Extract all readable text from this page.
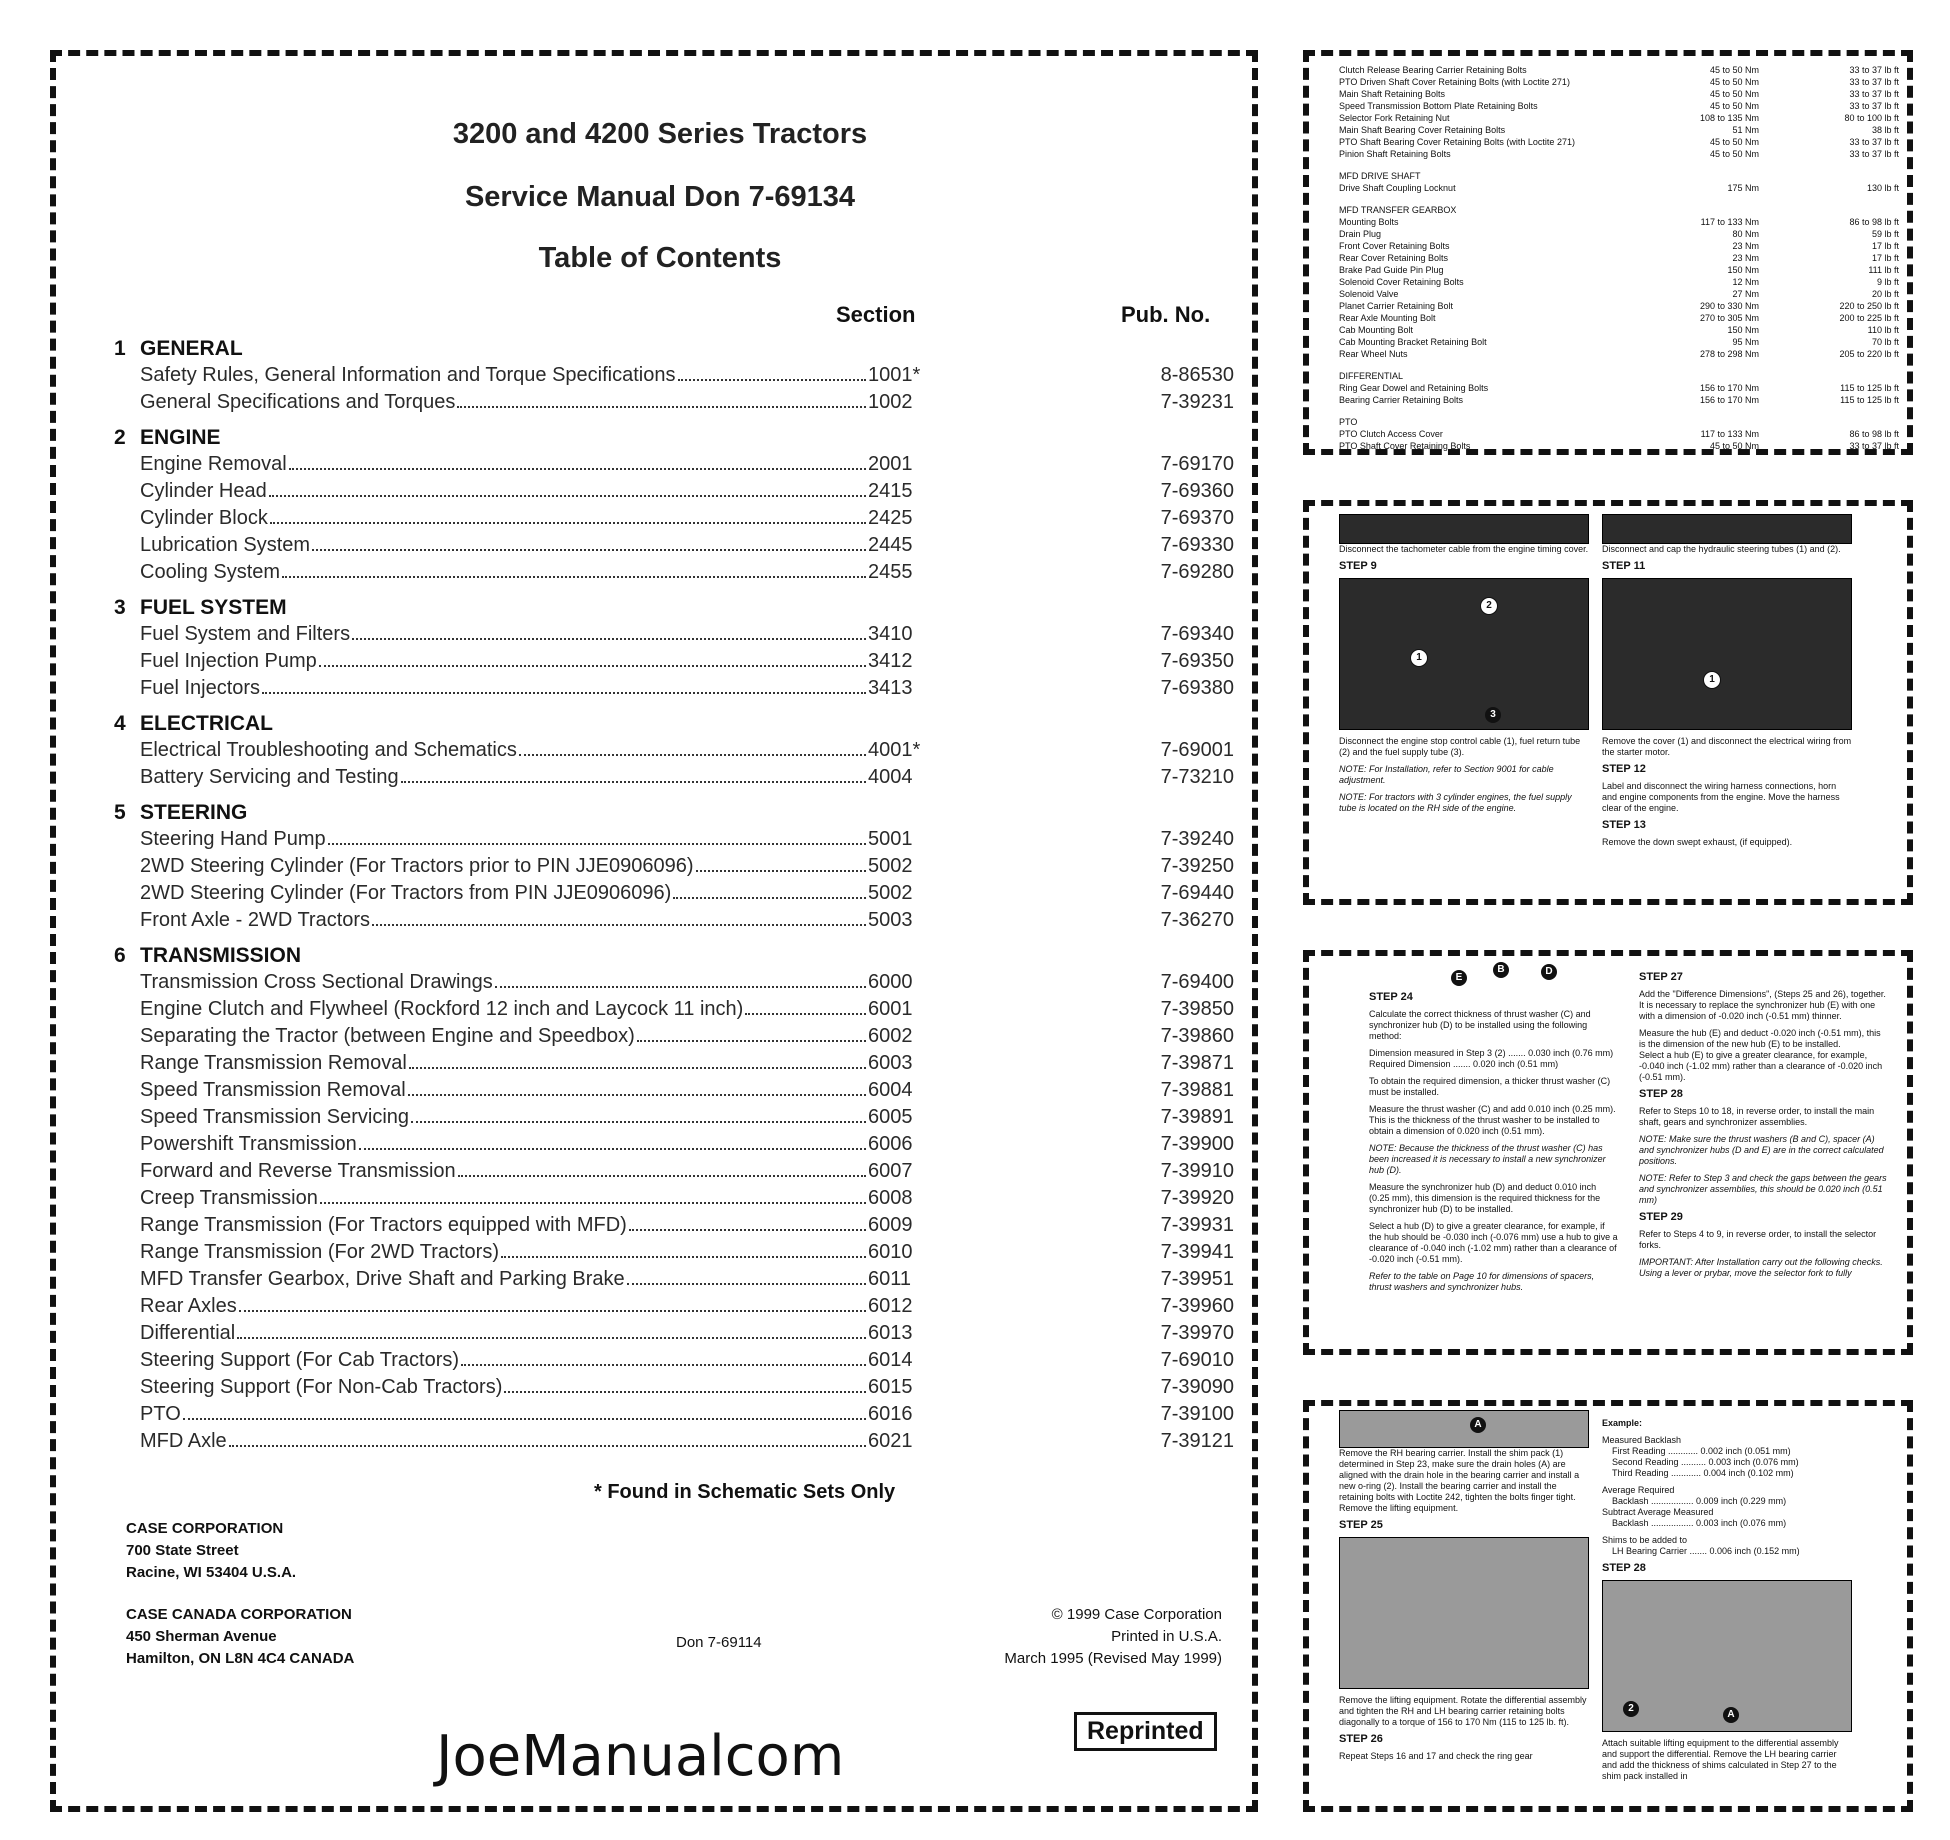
3200 and 4200 Series Tractors
Service Manual Don 7-69134
Table of Contents
Section	Pub. No.
1 GENERAL
Safety Rules, General Information and Torque Specifications	1001*	8-86530
General Specifications and Torques	1002	7-39231
2 ENGINE
Engine Removal	2001	7-69170
Cylinder Head	2415	7-69360
Cylinder Block	2425	7-69370
Lubrication System	2445	7-69330
Cooling System	2455	7-69280
3 FUEL SYSTEM
Fuel System and Filters	3410	7-69340
Fuel Injection Pump	3412	7-69350
Fuel Injectors	3413	7-69380
4 ELECTRICAL
Electrical Troubleshooting and Schematics	4001*	7-69001
Battery Servicing and Testing	4004	7-73210
5 STEERING
Steering Hand Pump	5001	7-39240
2WD Steering Cylinder (For Tractors prior to PIN JJE0906096)	5002	7-39250
2WD Steering Cylinder (For Tractors from PIN JJE0906096)	5002	7-69440
Front Axle - 2WD Tractors	5003	7-36270
6 TRANSMISSION
Transmission Cross Sectional Drawings	6000	7-69400
Engine Clutch and Flywheel (Rockford 12 inch and Laycock 11 inch)	6001	7-39850
Separating the Tractor (between Engine and Speedbox)	6002	7-39860
Range Transmission Removal	6003	7-39871
Speed Transmission Removal	6004	7-39881
Speed Transmission Servicing	6005	7-39891
Powershift Transmission	6006	7-39900
Forward and Reverse Transmission	6007	7-39910
Creep Transmission	6008	7-39920
Range Transmission (For Tractors equipped with MFD)	6009	7-39931
Range Transmission (For 2WD Tractors)	6010	7-39941
MFD Transfer Gearbox, Drive Shaft and Parking Brake	6011	7-39951
Rear Axles	6012	7-39960
Differential	6013	7-39970
Steering Support (For Cab Tractors)	6014	7-69010
Steering Support (For Non-Cab Tractors)	6015	7-39090
PTO	6016	7-39100
MFD Axle	6021	7-39121
* Found in Schematic Sets Only
CASE CORPORATION
700 State Street
Racine, WI 53404 U.S.A.
CASE CANADA CORPORATION
450 Sherman Avenue
Hamilton, ON L8N 4C4 CANADA
Don 7-69114
© 1999 Case Corporation
Printed in U.S.A.
March 1995 (Revised May 1999)
Reprinted
JoeManualcom
Clutch Release Bearing Carrier Retaining Bolts	45 to 50 Nm	33 to 37 lb ft
PTO Driven Shaft Cover Retaining Bolts (with Loctite 271)	45 to 50 Nm	33 to 37 lb ft
Main Shaft Retaining Bolts	45 to 50 Nm	33 to 37 lb ft
Speed Transmission Bottom Plate Retaining Bolts	45 to 50 Nm	33 to 37 lb ft
Selector Fork Retaining Nut	108 to 135 Nm	80 to 100 lb ft
Main Shaft Bearing Cover Retaining Bolts	51 Nm	38 lb ft
PTO Shaft Bearing Cover Retaining Bolts (with Loctite 271)	45 to 50 Nm	33 to 37 lb ft
Pinion Shaft Retaining Bolts	45 to 50 Nm	33 to 37 lb ft
MFD DRIVE SHAFT
Drive Shaft Coupling Locknut	175 Nm	130 lb ft
MFD TRANSFER GEARBOX
Mounting Bolts	117 to 133 Nm	86 to 98 lb ft
Drain Plug	80 Nm	59 lb ft
Front Cover Retaining Bolts	23 Nm	17 lb ft
Rear Cover Retaining Bolts	23 Nm	17 lb ft
Brake Pad Guide Pin Plug	150 Nm	111 lb ft
Solenoid Cover Retaining Bolts	12 Nm	9 lb ft
Solenoid Valve	27 Nm	20 lb ft
Planet Carrier Retaining Bolt	290 to 330 Nm	220 to 250 lb ft
Rear Axle Mounting Bolt	270 to 305 Nm	200 to 225 lb ft
Cab Mounting Bolt	150 Nm	110 lb ft
Cab Mounting Bracket Retaining Bolt	95 Nm	70 lb ft
Rear Wheel Nuts	278 to 298 Nm	205 to 220 lb ft
DIFFERENTIAL
Ring Gear Dowel and Retaining Bolts	156 to 170 Nm	115 to 125 lb ft
Bearing Carrier Retaining Bolts	156 to 170 Nm	115 to 125 lb ft
PTO
PTO Clutch Access Cover	117 to 133 Nm	86 to 98 lb ft
PTO Shaft Cover Retaining Bolts	45 to 50 Nm	33 to 37 lb ft

Disconnect the tachometer cable from the engine timing cover.

STEP 9

2
1
3

Disconnect the engine stop control cable (1), fuel return tube (2) and the fuel supply tube (3).

NOTE: For Installation, refer to Section 9001 for cable adjustment.

NOTE: For tractors with 3 cylinder engines, the fuel supply tube is located on the RH side of the engine.

Disconnect and cap the hydraulic steering tubes (1) and (2).

STEP 11

1

Remove the cover (1) and disconnect the electrical wiring from the starter motor.

STEP 12

Label and disconnect the wiring harness connections, horn and engine components from the engine. Move the harness clear of the engine.

STEP 13

Remove the down swept exhaust, (if equipped).

E
B	D

STEP 24

Calculate the correct thickness of thrust washer (C) and synchronizer hub (D) to be installed using the following method:

Dimension measured in Step 3 (2) ....... 0.030 inch (0.76 mm)

Required Dimension ....... 0.020 inch (0.51 mm)

To obtain the required dimension, a thicker thrust washer (C) must be installed.

Measure the thrust washer (C) and add 0.010 inch (0.25 mm). This is the thickness of the thrust washer to be installed to obtain a dimension of 0.020 inch (0.51 mm).

NOTE: Because the thickness of the thrust washer (C) has been increased it is necessary to install a new synchronizer hub (D).

Measure the synchronizer hub (D) and deduct 0.010 inch (0.25 mm), this dimension is the required thickness for the synchronizer hub (D) to be installed.

Select a hub (D) to give a greater clearance, for example, if the hub should be -0.030 inch (-0.076 mm) use a hub to give a clearance of -0.040 inch (-1.02 mm) rather than a clearance of -0.020 inch (-0.51 mm).

Refer to the table on Page 10 for dimensions of spacers, thrust washers and synchronizer hubs.

STEP 27

Add the "Difference Dimensions", (Steps 25 and 26), together.

It is necessary to replace the synchronizer hub (E) with one with a dimension of -0.020 inch (-0.51 mm) thinner.

Measure the hub (E) and deduct -0.020 inch (-0.51 mm), this is the dimension of the new hub (E) to be installed.

Select a hub (E) to give a greater clearance, for example, -0.040 inch (-1.02 mm) rather than a clearance of -0.020 inch (-0.51 mm).

STEP 28

Refer to Steps 10 to 18, in reverse order, to install the main shaft, gears and synchronizer assemblies.

NOTE: Make sure the thrust washers (B and C), spacer (A) and synchronizer hubs (D and E) are in the correct calculated positions.

NOTE: Refer to Step 3 and check the gaps between the gears and synchronizer assemblies, this should be 0.020 inch (0.51 mm)

STEP 29

Refer to Steps 4 to 9, in reverse order, to install the selector forks.

IMPORTANT: After Installation carry out the following checks.

Using a lever or prybar, move the selector fork to fully

A

Remove the RH bearing carrier. Install the shim pack (1) determined in Step 23, make sure the drain holes (A) are aligned with the drain hole in the bearing carrier and install a new o-ring (2). Install the bearing carrier and install the retaining bolts with Loctite 242, tighten the bolts finger tight. Remove the lifting equipment.

STEP 25

Remove the lifting equipment. Rotate the differential assembly and tighten the RH and LH bearing carrier retaining bolts diagonally to a torque of 156 to 170 Nm (115 to 125 lb. ft).

STEP 26

Repeat Steps 16 and 17 and check the ring gear

Example:

Measured Backlash

First Reading ............ 0.002 inch (0.051 mm)

Second Reading .......... 0.003 inch (0.076 mm)

Third Reading ............ 0.004 inch (0.102 mm)

Average Required

Backlash ................. 0.009 inch (0.229 mm)

Subtract Average Measured

Backlash ................. 0.003 inch (0.076 mm)

Shims to be added to

LH Bearing Carrier ....... 0.006 inch (0.152 mm)

STEP 28

2
A

Attach suitable lifting equipment to the differential assembly and support the differential. Remove the LH bearing carrier and add the thickness of shims calculated in Step 27 to the shim pack installed in
